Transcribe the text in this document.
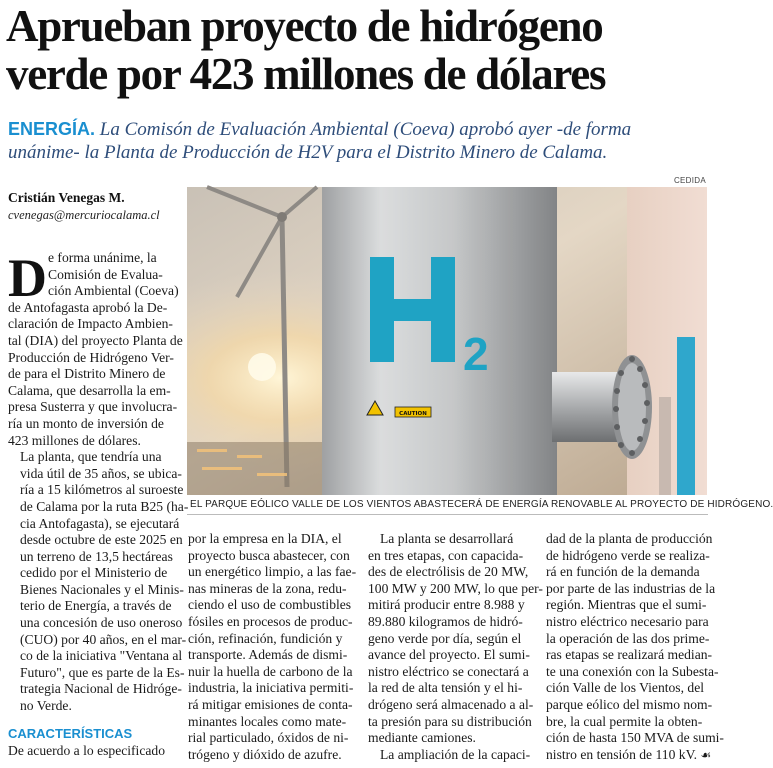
Aprueban proyecto de hidrógeno
verde por 423 millones de dólares
ENERGÍA. La Comisón de Evaluación Ambiental (Coeva) aprobó ayer -de forma
unánime- la Planta de Producción de H2V para el Distrito Minero de Calama.
Cristián Venegas M.
cvenegas@mercuriocalama.cl
CEDIDA
2
CAUTION
EL PARQUE EÓLICO VALLE DE LOS VIENTOS ABASTECERÁ DE ENERGÍA RENOVABLE AL PROYECTO DE HIDRÓGENO.
D e forma unánime, la
Comisión de Evalua-
ción Ambiental (Coeva)
de Antofagasta aprobó la De-
claración de Impacto Ambien-
tal (DIA) del proyecto Planta de
Producción de Hidrógeno Ver-
de para el Distrito Minero de
Calama, que desarrolla la em-
presa Susterra y que involucra-
ría un monto de inversión de
423 millones de dólares.

La planta, que tendría una
vida útil de 35 años, se ubica-
ría a 15 kilómetros al suroeste
de Calama por la ruta B25 (ha-
cia Antofagasta), se ejecutará
desde octubre de este 2025 en
un terreno de 13,5 hectáreas
cedido por el Ministerio de
Bienes Nacionales y el Minis-
terio de Energía, a través de
una concesión de uso oneroso
(CUO) por 40 años, en el mar-
co de la iniciativa "Ventana al
Futuro", que es parte de la Es-
trategia Nacional de Hidróge-
no Verde.

CARACTERÍSTICAS
De acuerdo a lo especificado
por la empresa en la DIA, el
proyecto busca abastecer, con
un energético limpio, a las fae-
nas mineras de la zona, redu-
ciendo el uso de combustibles
fósiles en procesos de produc-
ción, refinación, fundición y
transporte. Además de dismi-
nuir la huella de carbono de la
industria, la iniciativa permiti-
rá mitigar emisiones de conta-
minantes locales como mate-
rial particulado, óxidos de ni-
trógeno y dióxido de azufre.

La planta se desarrollará

en tres etapas, con capacida-
des de electrólisis de 20 MW,
100 MW y 200 MW, lo que per-
mitirá producir entre 8.988 y
89.880 kilogramos de hidró-
geno verde por día, según el
avance del proyecto. El sumi-
nistro eléctrico se conectará a
la red de alta tensión y el hi-
drógeno será almacenado a al-
ta presión para su distribución
mediante camiones.
La ampliación de la capaci-
dad de la planta de producción
de hidrógeno verde se realiza-
rá en función de la demanda
por parte de las industrias de la
región. Mientras que el sumi-
nistro eléctrico necesario para
la operación de las dos prime-
ras etapas se realizará median-
te una conexión con la Subesta-
ción Valle de los Vientos, del
parque eólico del mismo nom-
bre, la cual permite la obten-
ción de hasta 150 MVA de sumi-
nistro en tensión de 110 kV. ☙
